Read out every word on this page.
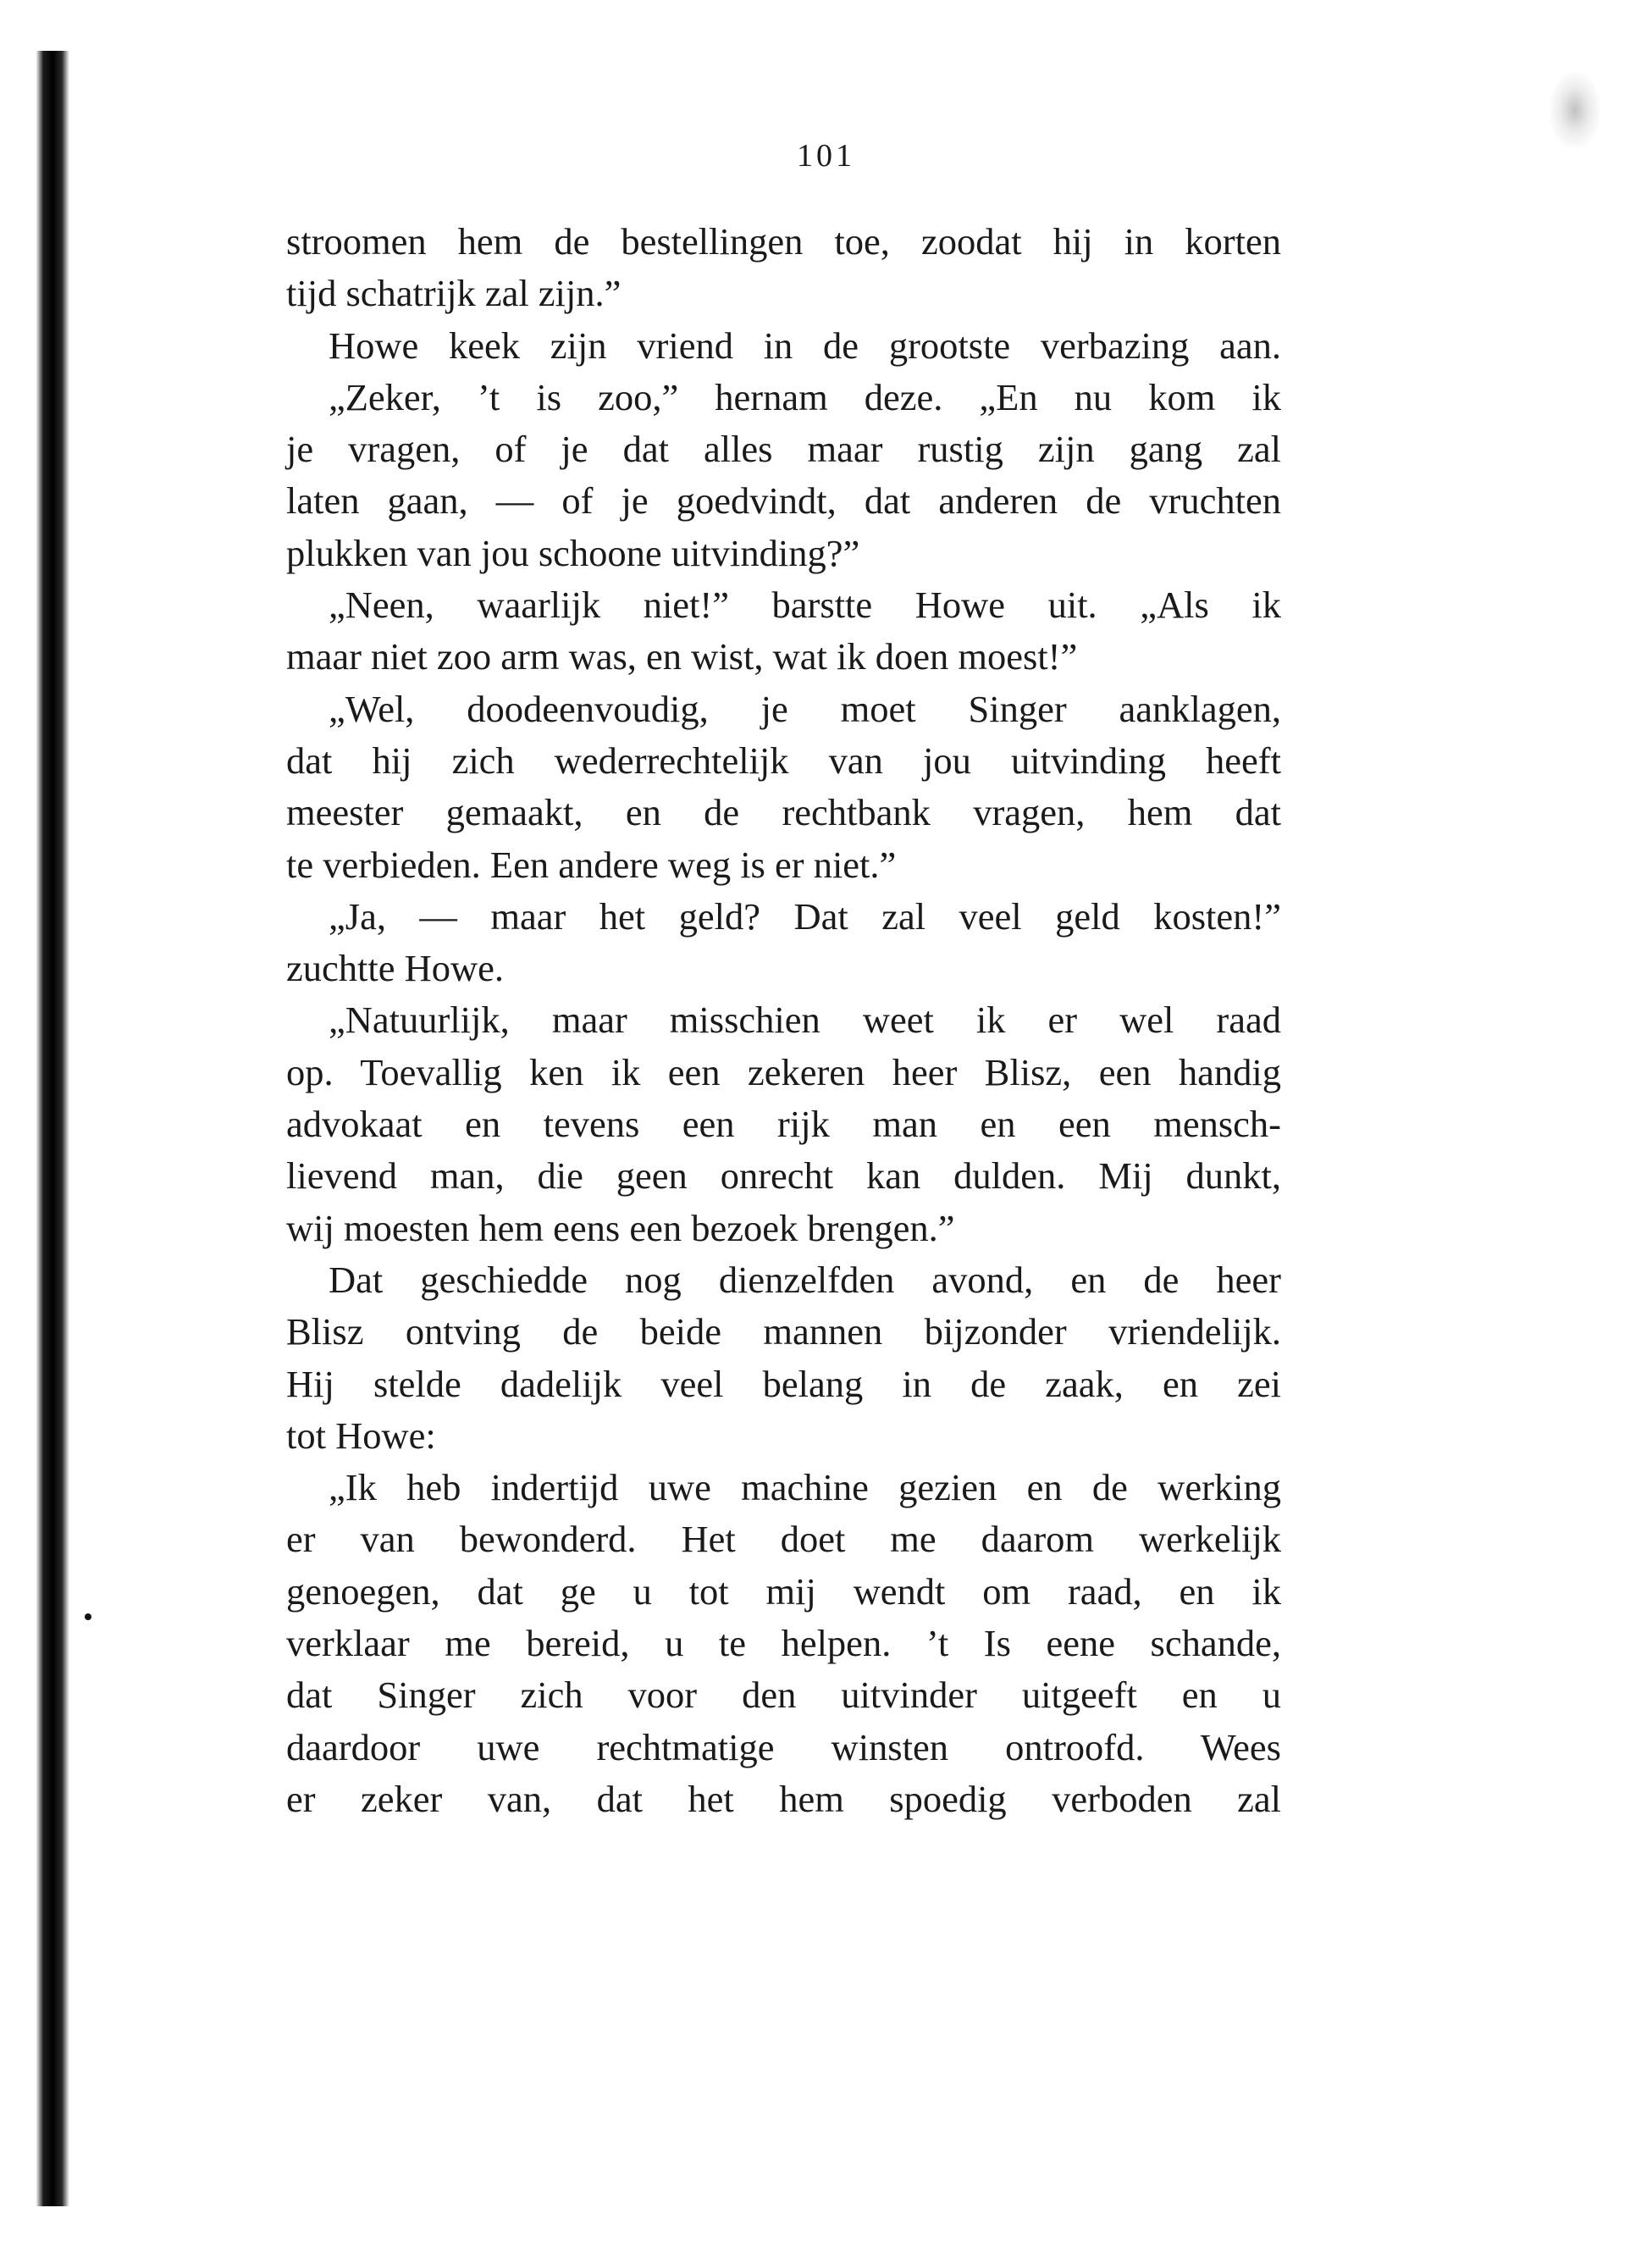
101
stroomen hem de bestellingen toe, zoodat hij in korten
tijd schatrijk zal zijn.”
Howe keek zijn vriend in de grootste verbazing aan.
„Zeker, ’t is zoo,” hernam deze. „En nu kom ik
je vragen, of je dat alles maar rustig zijn gang zal
laten gaan, — of je goedvindt, dat anderen de vruchten
plukken van jou schoone uitvinding?”
„Neen, waarlijk niet!” barstte Howe uit. „Als ik
maar niet zoo arm was, en wist, wat ik doen moest!”
„Wel, doodeenvoudig, je moet Singer aanklagen,
dat hij zich wederrechtelijk van jou uitvinding heeft
meester gemaakt, en de rechtbank vragen, hem dat
te verbieden. Een andere weg is er niet.”
„Ja, — maar het geld? Dat zal veel geld kosten!”
zuchtte Howe.
„Natuurlijk, maar misschien weet ik er wel raad
op. Toevallig ken ik een zekeren heer Blisz, een handig
advokaat en tevens een rijk man en een mensch-
lievend man, die geen onrecht kan dulden. Mij dunkt,
wij moesten hem eens een bezoek brengen.”
Dat geschiedde nog dienzelfden avond, en de heer
Blisz ontving de beide mannen bijzonder vriendelijk.
Hij stelde dadelijk veel belang in de zaak, en zei
tot Howe:
„Ik heb indertijd uwe machine gezien en de werking
er van bewonderd. Het doet me daarom werkelijk
genoegen, dat ge u tot mij wendt om raad, en ik
verklaar me bereid, u te helpen. ’t Is eene schande,
dat Singer zich voor den uitvinder uitgeeft en u
daardoor uwe rechtmatige winsten ontroofd. Wees
er zeker van, dat het hem spoedig verboden zal
